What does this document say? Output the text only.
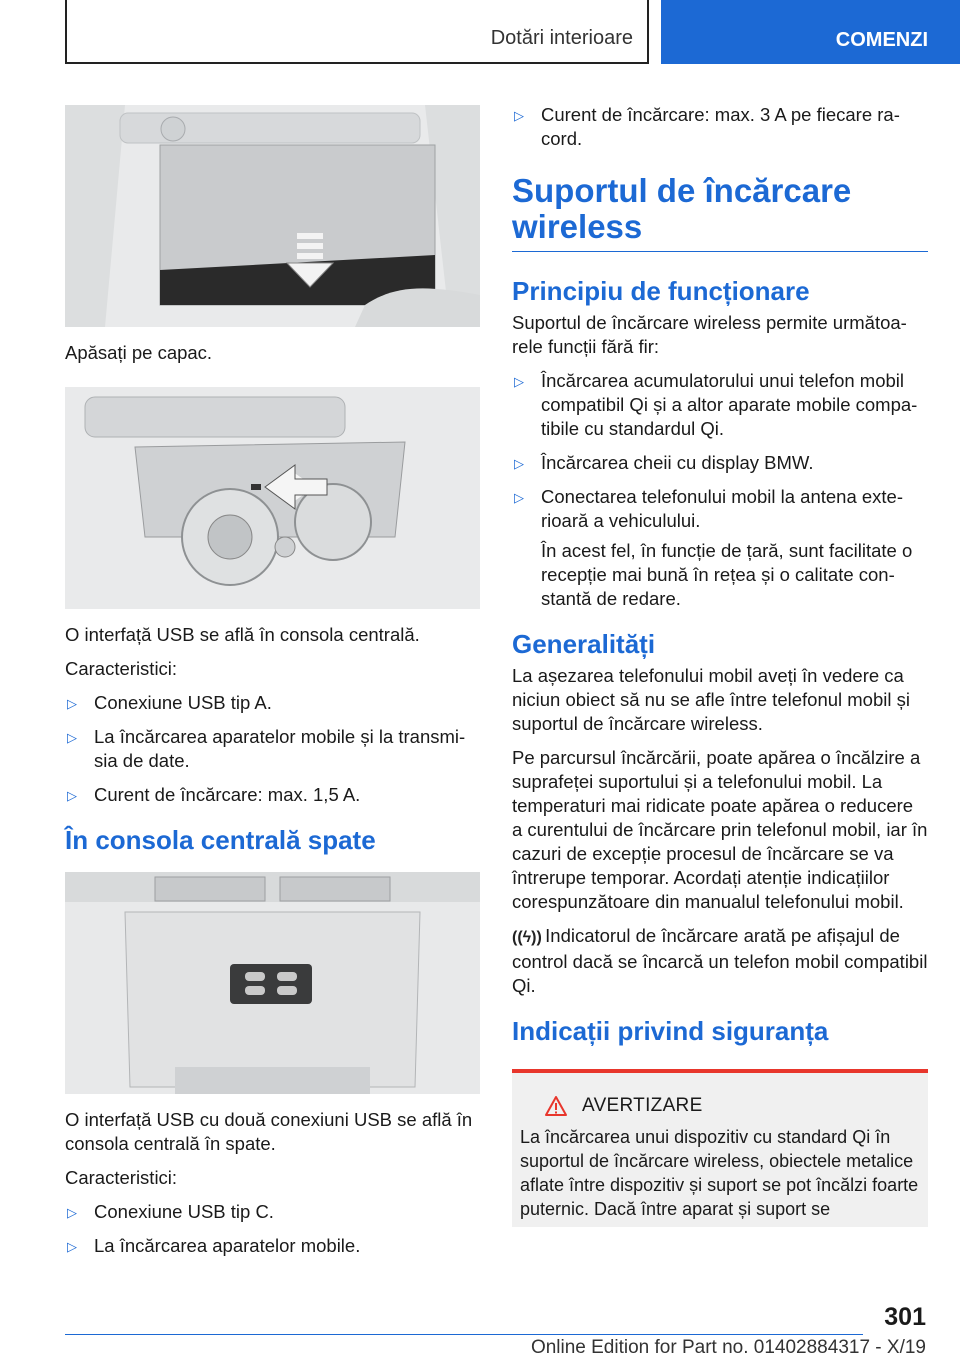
Dotări interioare	COMENZI

Apăsați pe capac.

O interfață USB se află în consola centrală.

Caracteristici:

▷ Conexiune USB tip A.
▷ La încărcarea aparatelor mobile și la transmisia de date.
▷ Curent de încărcare: max. 1,5 A.
În consola centrală spate

O interfață USB cu două conexiuni USB se află în consola centrală în spate.

Caracteristici:

▷ Conexiune USB tip C.
▷ La încărcarea aparatelor mobile.
▷ Curent de încărcare: max. 3 A pe fiecare racord.
Suportul de încărcare wireless
Principiu de funcționare

Suportul de încărcare wireless permite următoarele funcții fără fir:

▷ Încărcarea acumulatorului unui telefon mobil compatibil Qi și a altor aparate mobile compatibile cu standardul Qi.
▷ Încărcarea cheii cu display BMW.
▷ Conectarea telefonului mobil la antena exterioară a vehiculului.

În acest fel, în funcție de țară, sunt facilitate o recepție mai bună în rețea și o calitate constantă de redare.

Generalități

La așezarea telefonului mobil aveți în vedere ca niciun obiect să nu se afle între telefonul mobil și suportul de încărcare wireless.

Pe parcursul încărcării, poate apărea o încălzire a suprafeței suportului și a telefonului mobil. La temperaturi mai ridicate poate apărea o reducere a curentului de încărcare prin telefonul mobil, iar în cazuri de excepție procesul de încărcare se va întrerupe temporar. Acordați atenție indicațiilor corespunzătoare din manualul telefonului mobil.

((ϟ)) Indicatorul de încărcare arată pe afișajul de control dacă se încarcă un telefon mobil compatibil Qi.

Indicații privind siguranța
AVERTIZARE

La încărcarea unui dispozitiv cu standard Qi în suportul de încărcare wireless, obiectele metalice aflate între dispozitiv și suport se pot încălzi foarte puternic. Dacă între aparat și suport se

301
Online Edition for Part no. 01402884317 - X/19
